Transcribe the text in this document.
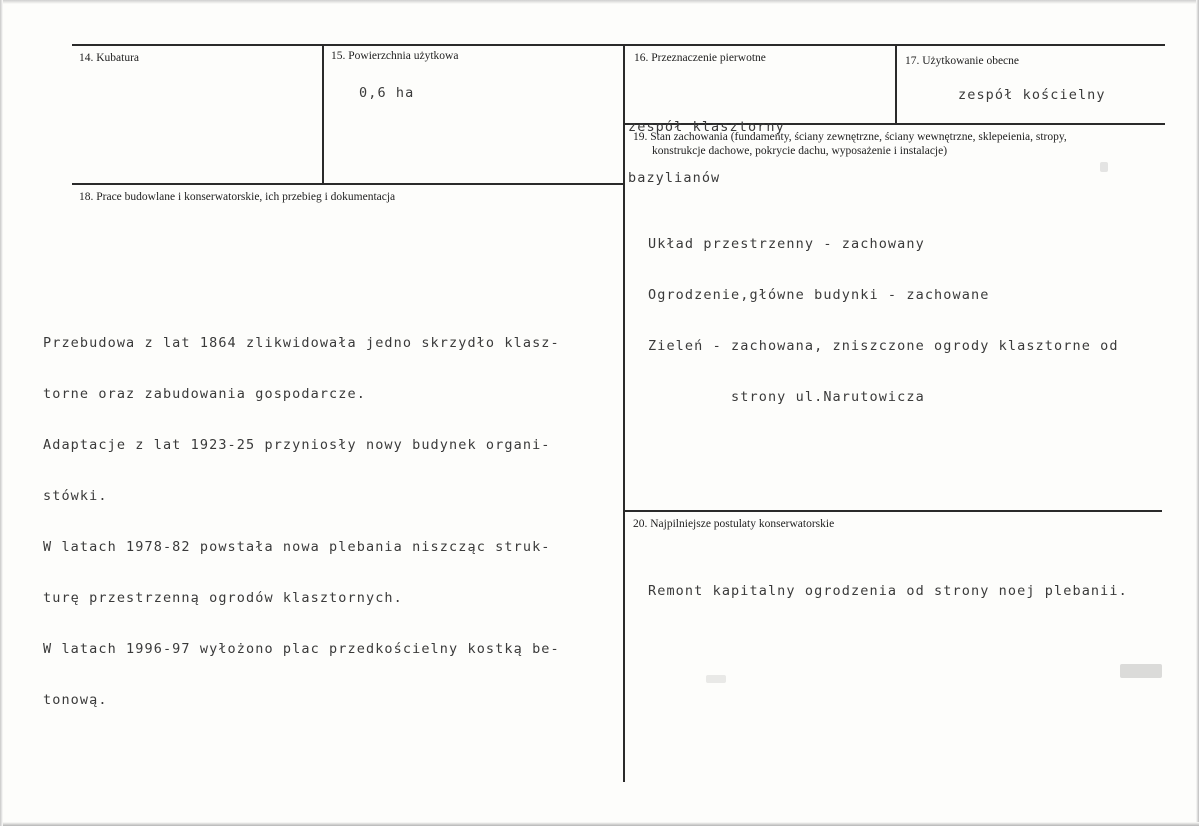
14. Kubatura	15. Powierzchnia użytkowa
0,6 ha
16. Przeznaczenie pierwotne

zespół klasztorny

bazylianów

17. Użytkowanie obecne
zespół kościelny
19. Stan zachowania (fundamenty, ściany zewnętrzne, ściany wewnętrzne, sklepeienia, stropy,
konstrukcje dachowe, pokrycie dachu, wyposażenie i instalacje)

Układ przestrzenny - zachowany

Ogrodzenie,główne budynki - zachowane

Zieleń - zachowana, zniszczone ogrody klasztorne od

strony ul.Narutowicza

18. Prace budowlane i konserwatorskie, ich przebieg i dokumentacja

Przebudowa z lat 1864 zlikwidowała jedno skrzydło klasz-

torne oraz zabudowania gospodarcze.

Adaptacje z lat 1923-25 przyniosły nowy budynek organi-

stówki.

W latach 1978-82 powstała nowa plebania niszcząc struk-

turę przestrzenną ogrodów klasztornych.

W latach 1996-97 wyłożono plac przedkościelny kostką be-

tonową.

20. Najpilniejsze postulaty konserwatorskie
Remont kapitalny ogrodzenia od strony noej plebanii.
